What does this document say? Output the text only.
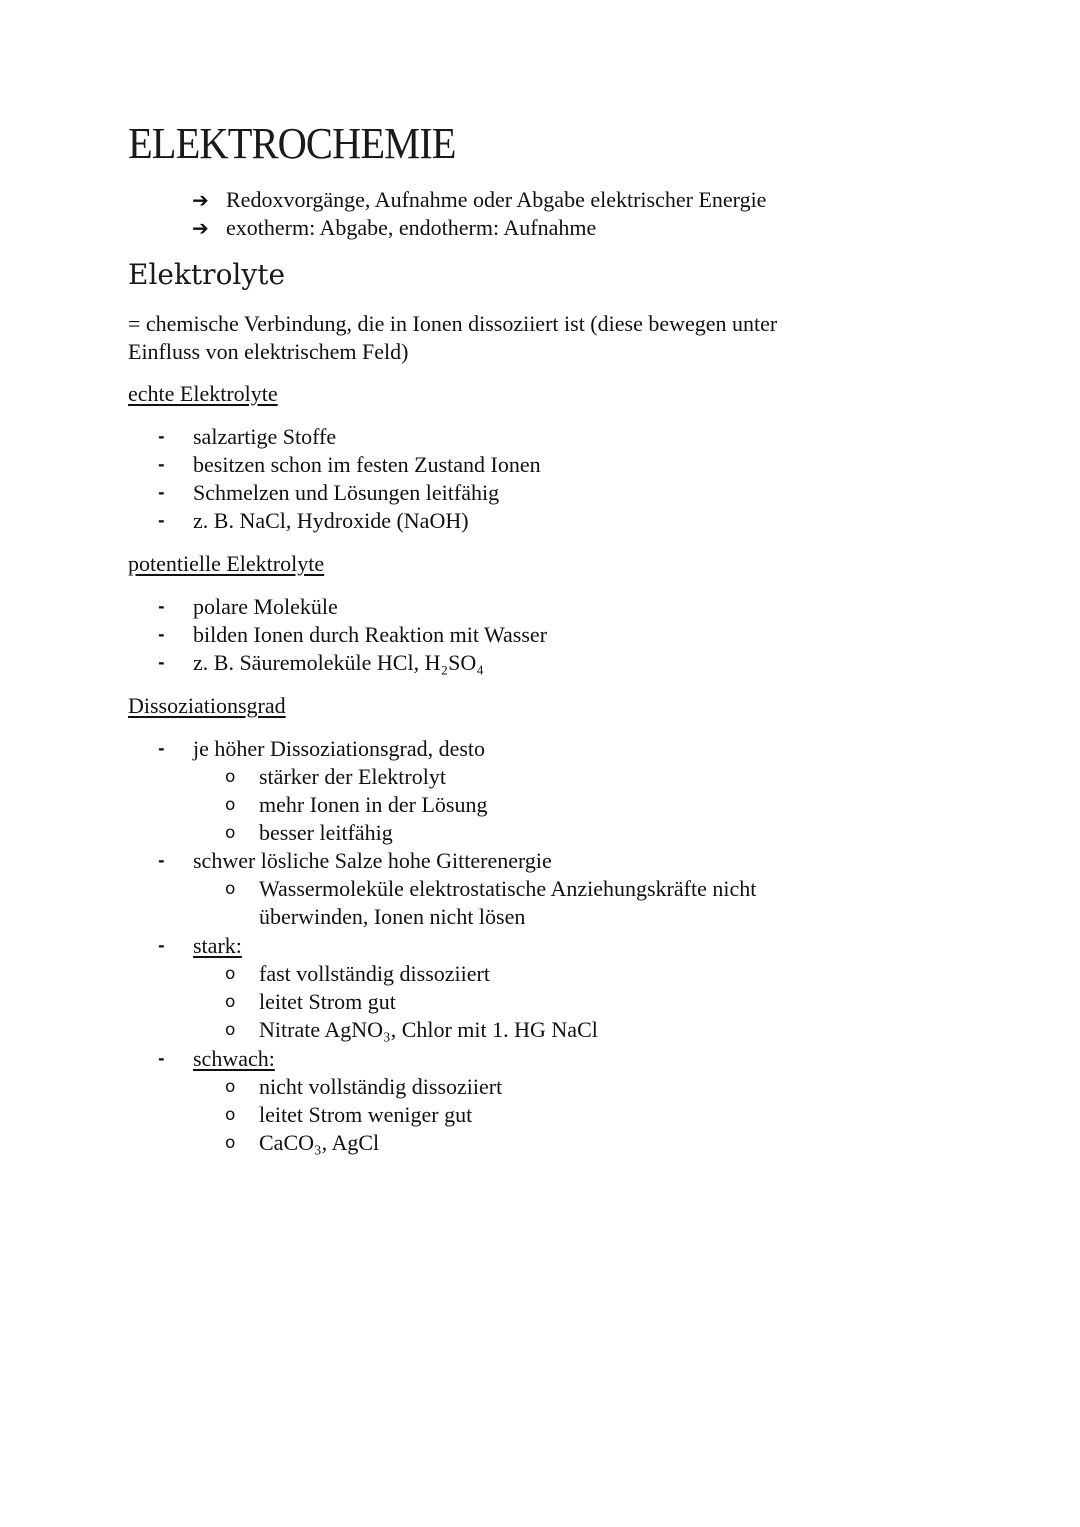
ELEKTROCHEMIE
➔ Redoxvorgänge, Aufnahme oder Abgabe elektrischer Energie
➔ exotherm: Abgabe, endotherm: Aufnahme
Elektrolyte
= chemische Verbindung, die in Ionen dissoziiert ist (diese bewegen unter
Einfluss von elektrischem Feld)
echte Elektrolyte
- salzartige Stoffe
- besitzen schon im festen Zustand Ionen
- Schmelzen und Lösungen leitfähig
- z. B. NaCl, Hydroxide (NaOH)
potentielle Elektrolyte
- polare Moleküle
- bilden Ionen durch Reaktion mit Wasser
- z. B. Säuremoleküle HCl, H₂SO₄
Dissoziationsgrad
- je höher Dissoziationsgrad, desto
o stärker der Elektrolyt
o mehr Ionen in der Lösung
o besser leitfähig
- schwer lösliche Salze hohe Gitterenergie
o Wassermoleküle elektrostatische Anziehungskräfte nicht
überwinden, Ionen nicht lösen
- stark:
o fast vollständig dissoziiert
o leitet Strom gut
o Nitrate AgNO₃, Chlor mit 1. HG NaCl
- schwach:
o nicht vollständig dissoziiert
o leitet Strom weniger gut
o CaCO₃, AgCl
